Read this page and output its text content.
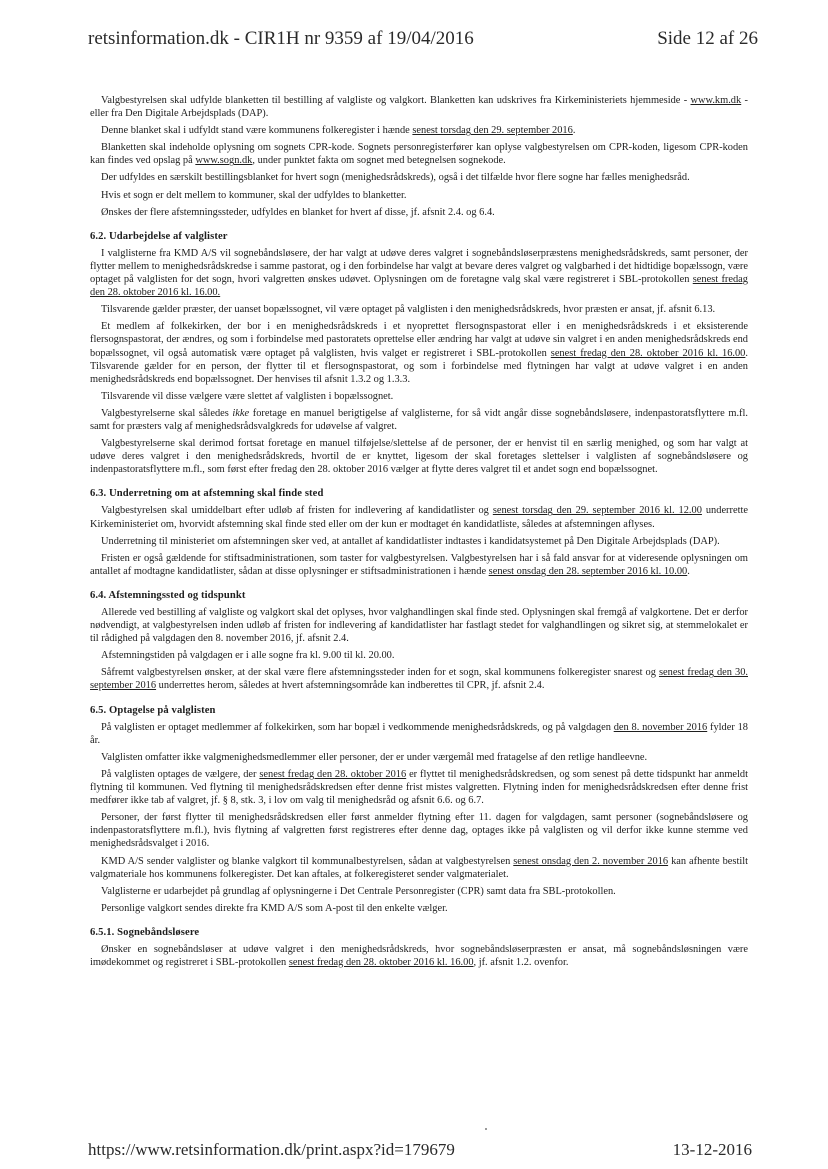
retsinformation.dk - CIR1H nr 9359 af 19/04/2016	Side 12 af 26

Valgbestyrelsen skal udfylde blanketten til bestilling af valgliste og valgkort. Blanketten kan udskrives fra Kirkeministeriets hjemmeside - www.km.dk - eller fra Den Digitale Arbejdsplads (DAP).

Denne blanket skal i udfyldt stand være kommunens folkeregister i hænde senest torsdag den 29. september 2016.

Blanketten skal indeholde oplysning om sognets CPR-kode. Sognets personregisterfører kan oplyse valgbestyrelsen om CPR-koden, ligesom CPR-koden kan findes ved opslag på www.sogn.dk, under punktet fakta om sognet med betegnelsen sognekode.

Der udfyldes en særskilt bestillingsblanket for hvert sogn (menighedsrådskreds), også i det tilfælde hvor flere sogne har fælles menighedsråd.

Hvis et sogn er delt mellem to kommuner, skal der udfyldes to blanketter.

Ønskes der flere afstemningssteder, udfyldes en blanket for hvert af disse, jf. afsnit 2.4. og 6.4.

6.2. Udarbejdelse af valglister

I valglisterne fra KMD A/S vil sognebåndsløsere, der har valgt at udøve deres valgret i sognebåndsløserpræstens menighedsrådskreds, samt personer, der flytter mellem to menighedsrådskredse i samme pastorat, og i den forbindelse har valgt at bevare deres valgret og valgbarhed i det hidtidige bopælssogn, være optaget på valglisten for det sogn, hvori valgretten ønskes udøvet. Oplysningen om de foretagne valg skal være registreret i SBL-protokollen senest fredag den 28. oktober 2016 kl. 16.00.

Tilsvarende gælder præster, der uanset bopælssognet, vil være optaget på valglisten i den menighedsrådskreds, hvor præsten er ansat, jf. afsnit 6.13.

Et medlem af folkekirken, der bor i en menighedsrådskreds i et nyoprettet flersognspastorat eller i en menighedsrådskreds i et eksisterende flersognspastorat, der ændres, og som i forbindelse med pastoratets oprettelse eller ændring har valgt at udøve sin valgret i en anden menighedsrådskreds end bopælssognet, vil også automatisk være optaget på valglisten, hvis valget er registreret i SBL-protokollen senest fredag den 28. oktober 2016 kl. 16.00. Tilsvarende gælder for en person, der flytter til et flersognspastorat, og som i forbindelse med flytningen har valgt at udøve valgret i en anden menighedsrådskreds end bopælssognet. Der henvises til afsnit 1.3.2 og 1.3.3.

Tilsvarende vil disse vælgere være slettet af valglisten i bopælssognet.

Valgbestyrelserne skal således ikke foretage en manuel berigtigelse af valglisterne, for så vidt angår disse sognebåndsløsere, indenpastoratsflyttere m.fl. samt for præsters valg af menighedsrådsvalgkreds for udøvelse af valgret.

Valgbestyrelserne skal derimod fortsat foretage en manuel tilføjelse/slettelse af de personer, der er henvist til en særlig menighed, og som har valgt at udøve deres valgret i den menighedsrådskreds, hvortil de er knyttet, ligesom der skal foretages slettelser i valglisten af sognebåndsløsere og indenpastoratsflyttere m.fl., som først efter fredag den 28. oktober 2016 vælger at flytte deres valgret til et andet sogn end bopælssognet.

6.3. Underretning om at afstemning skal finde sted

Valgbestyrelsen skal umiddelbart efter udløb af fristen for indlevering af kandidatlister og senest torsdag den 29. september 2016 kl. 12.00 underrette Kirkeministeriet om, hvorvidt afstemning skal finde sted eller om der kun er modtaget én kandidatliste, således at afstemningen aflyses.

Underretning til ministeriet om afstemningen sker ved, at antallet af kandidatlister indtastes i kandidatsystemet på Den Digitale Arbejdsplads (DAP).

Fristen er også gældende for stiftsadministrationen, som taster for valgbestyrelsen. Valgbestyrelsen har i så fald ansvar for at videresende oplysningen om antallet af modtagne kandidatlister, sådan at disse oplysninger er stiftsadministrationen i hænde senest onsdag den 28. september 2016 kl. 10.00.

6.4. Afstemningssted og tidspunkt

Allerede ved bestilling af valgliste og valgkort skal det oplyses, hvor valghandlingen skal finde sted. Oplysningen skal fremgå af valgkortene. Det er derfor nødvendigt, at valgbestyrelsen inden udløb af fristen for indlevering af kandidatlister har fastlagt stedet for valghandlingen og sikret sig, at stemmelokalet er til rådighed på valgdagen den 8. november 2016, jf. afsnit 2.4.

Afstemningstiden på valgdagen er i alle sogne fra kl. 9.00 til kl. 20.00.

Såfremt valgbestyrelsen ønsker, at der skal være flere afstemningssteder inden for et sogn, skal kommunens folkeregister snarest og senest fredag den 30. september 2016 underrettes herom, således at hvert afstemningsområde kan indberettes til CPR, jf. afsnit 2.4.

6.5. Optagelse på valglisten

På valglisten er optaget medlemmer af folkekirken, som har bopæl i vedkommende menighedsrådskreds, og på valgdagen den 8. november 2016 fylder 18 år.

Valglisten omfatter ikke valgmenighedsmedlemmer eller personer, der er under værgemål med fratagelse af den retlige handleevne.

På valglisten optages de vælgere, der senest fredag den 28. oktober 2016 er flyttet til menighedsrådskredsen, og som senest på dette tidspunkt har anmeldt flytning til kommunen. Ved flytning til menighedsrådskredsen efter denne frist mistes valgretten. Flytning inden for menighedsrådskredsen efter denne frist medfører ikke tab af valgret, jf. § 8, stk. 3, i lov om valg til menighedsråd og afsnit 6.6. og 6.7.

Personer, der først flytter til menighedsrådskredsen eller først anmelder flytning efter 11. dagen for valgdagen, samt personer (sognebåndsløsere og indenpastoratsflyttere m.fl.), hvis flytning af valgretten først registreres efter denne dag, optages ikke på valglisten og vil derfor ikke kunne stemme ved menighedsrådsvalget i 2016.

KMD A/S sender valglister og blanke valgkort til kommunalbestyrelsen, sådan at valgbestyrelsen senest onsdag den 2. november 2016 kan afhente bestilt valgmateriale hos kommunens folkeregister. Det kan aftales, at folkeregisteret sender valgmaterialet.

Valglisterne er udarbejdet på grundlag af oplysningerne i Det Centrale Personregister (CPR) samt data fra SBL-protokollen.

Personlige valgkort sendes direkte fra KMD A/S som A-post til den enkelte vælger.

6.5.1. Sognebåndsløsere

Ønsker en sognebåndsløser at udøve valgret i den menighedsrådskreds, hvor sognebåndsløserpræsten er ansat, må sognebåndsløsningen være imødekommet og registreret i SBL-protokollen senest fredag den 28. oktober 2016 kl. 16.00, jf. afsnit 1.2. ovenfor.

https://www.retsinformation.dk/print.aspx?id=179679	13-12-2016
